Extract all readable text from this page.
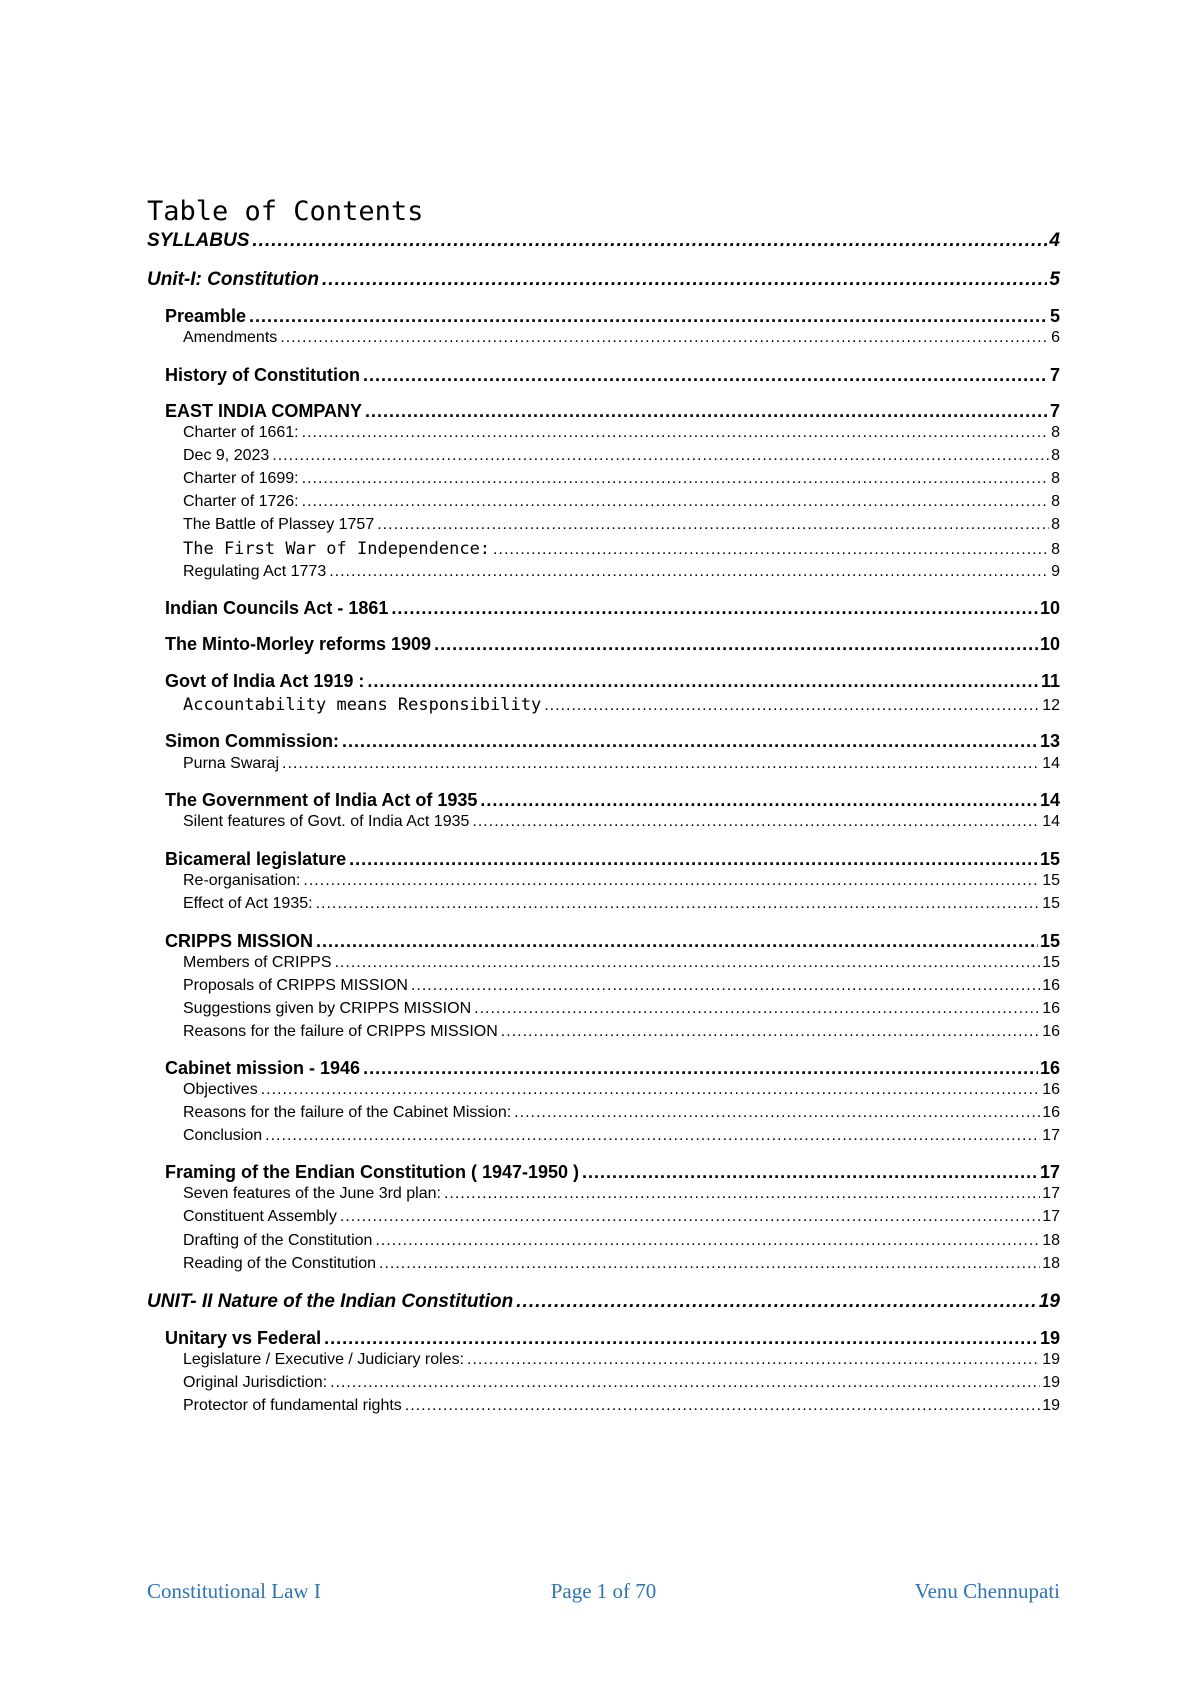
Table of Contents
SYLLABUS .....	4
Unit-I: Constitution .....	5
Preamble .....	5
Amendments .....	6
History of Constitution .....	7
EAST INDIA COMPANY .....	7
Charter of 1661: .....	8
Dec 9, 2023 .....	8
Charter of 1699: .....	8
Charter of 1726: .....	8
The Battle of Plassey 1757 .....	8
The First War of Independence: .....	8
Regulating Act 1773 .....	9
Indian Councils Act - 1861 .....	10
The Minto-Morley reforms 1909 .....	10
Govt of India Act 1919 : .....	11
Accountability means Responsibility .....	12
Simon Commission: .....	13
Purna Swaraj .....	14
The Government of India Act of 1935 .....	14
Silent features of Govt. of India Act 1935 .....	14
Bicameral legislature .....	15
Re-organisation: .....	15
Effect of Act 1935: .....	15
CRIPPS MISSION .....	15
Members of CRIPPS .....	15
Proposals of CRIPPS MISSION .....	16
Suggestions given by CRIPPS MISSION .....	16
Reasons for the failure of CRIPPS MISSION .....	16
Cabinet mission - 1946 .....	16
Objectives .....	16
Reasons for the failure of the Cabinet Mission: .....	16
Conclusion .....	17
Framing of the Endian Constitution ( 1947-1950 ) .....	17
Seven features of the June 3rd plan: .....	17
Constituent Assembly .....	17
Drafting of the Constitution .....	18
Reading of the Constitution .....	18
UNIT- II Nature of the Indian Constitution .....	19
Unitary vs Federal .....	19
Legislature / Executive / Judiciary roles: .....	19
Original Jurisdiction: .....	19
Protector of fundamental rights .....	19
Constitutional Law I	Page 1 of 70	Venu Chennupati
